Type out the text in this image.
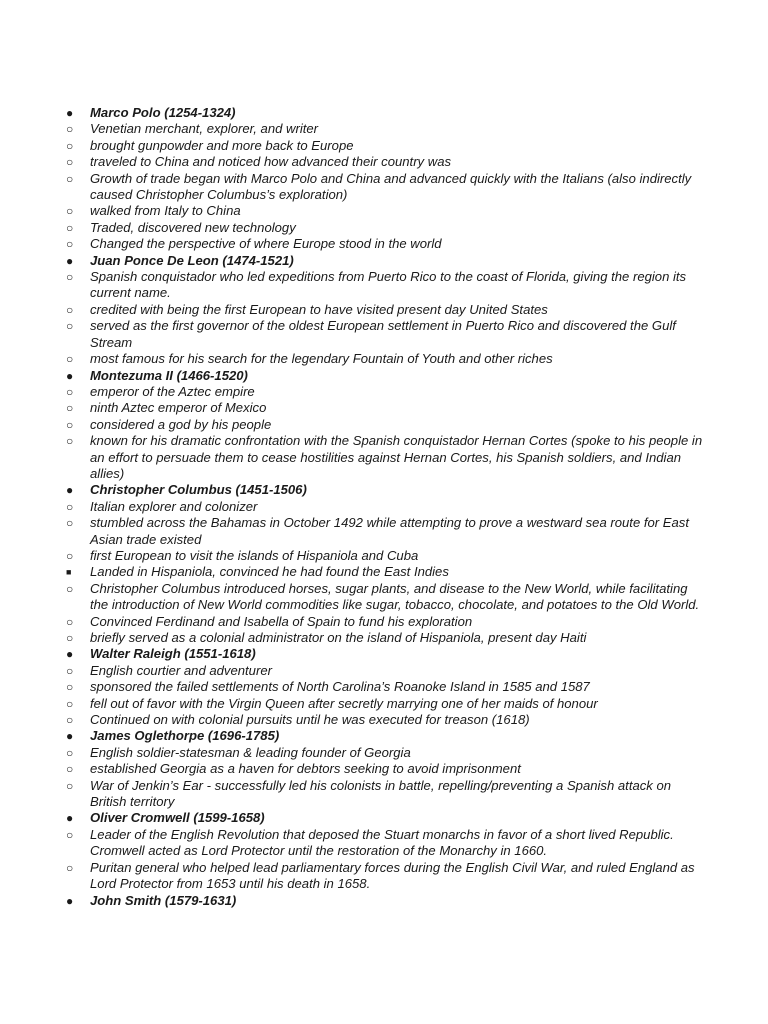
●	Marco Polo (1254-1324)
○	Venetian merchant, explorer, and writer
○	brought gunpowder and more back to Europe
○	traveled to China and noticed how advanced their country was
○	Growth of trade began with Marco Polo and China and advanced quickly with the Italians (also indirectly caused Christopher Columbus’s exploration)
○	walked from Italy to China
○	Traded, discovered new technology
○	Changed the perspective of where Europe stood in the world
●	Juan Ponce De Leon (1474-1521)
○	Spanish conquistador who led expeditions from Puerto Rico to the coast of Florida, giving the region its current name.
○	credited with being the first European to have visited present day United States
○	served as the first governor of the oldest European settlement in Puerto Rico and discovered the Gulf Stream
○	most famous for his search for the legendary Fountain of Youth and other riches
●	Montezuma II (1466-1520)
○	emperor of the Aztec empire
○	ninth Aztec emperor of Mexico
○	considered a god by his people
○	known for his dramatic confrontation with the Spanish conquistador Hernan Cortes (spoke to his people in an effort to persuade them to cease hostilities against Hernan Cortes, his Spanish soldiers, and Indian allies)
●	Christopher Columbus (1451-1506)
○	Italian explorer and colonizer
○	stumbled across the Bahamas in October 1492 while attempting to prove a westward sea route for East Asian trade existed
○	first European to visit the islands of Hispaniola and Cuba
■	Landed in Hispaniola, convinced he had found the East Indies
○	Christopher Columbus introduced horses, sugar plants, and disease to the New World, while facilitating the introduction of New World commodities like sugar, tobacco, chocolate, and potatoes to the Old World.
○	Convinced Ferdinand and Isabella of Spain to fund his exploration
○	briefly served as a colonial administrator on the island of Hispaniola, present day Haiti
●	Walter Raleigh (1551-1618)
○	English courtier and adventurer
○	sponsored the failed settlements of North Carolina’s Roanoke Island in 1585 and 1587
○	fell out of favor with the Virgin Queen after secretly marrying one of her maids of honour
○	Continued on with colonial pursuits until he was executed for treason (1618)
●	James Oglethorpe (1696-1785)
○	English soldier-statesman & leading founder of Georgia
○	established Georgia as a haven for debtors seeking to avoid imprisonment
○	War of Jenkin’s Ear - successfully led his colonists in battle, repelling/preventing a Spanish attack on British territory
●	Oliver Cromwell (1599-1658)
○	Leader of the English Revolution that deposed the Stuart monarchs in favor of a short lived Republic. Cromwell acted as Lord Protector until the restoration of the Monarchy in 1660.
○	Puritan general who helped lead parliamentary forces during the English Civil War, and ruled England as Lord Protector from 1653 until his death in 1658.
●	John Smith (1579-1631)
